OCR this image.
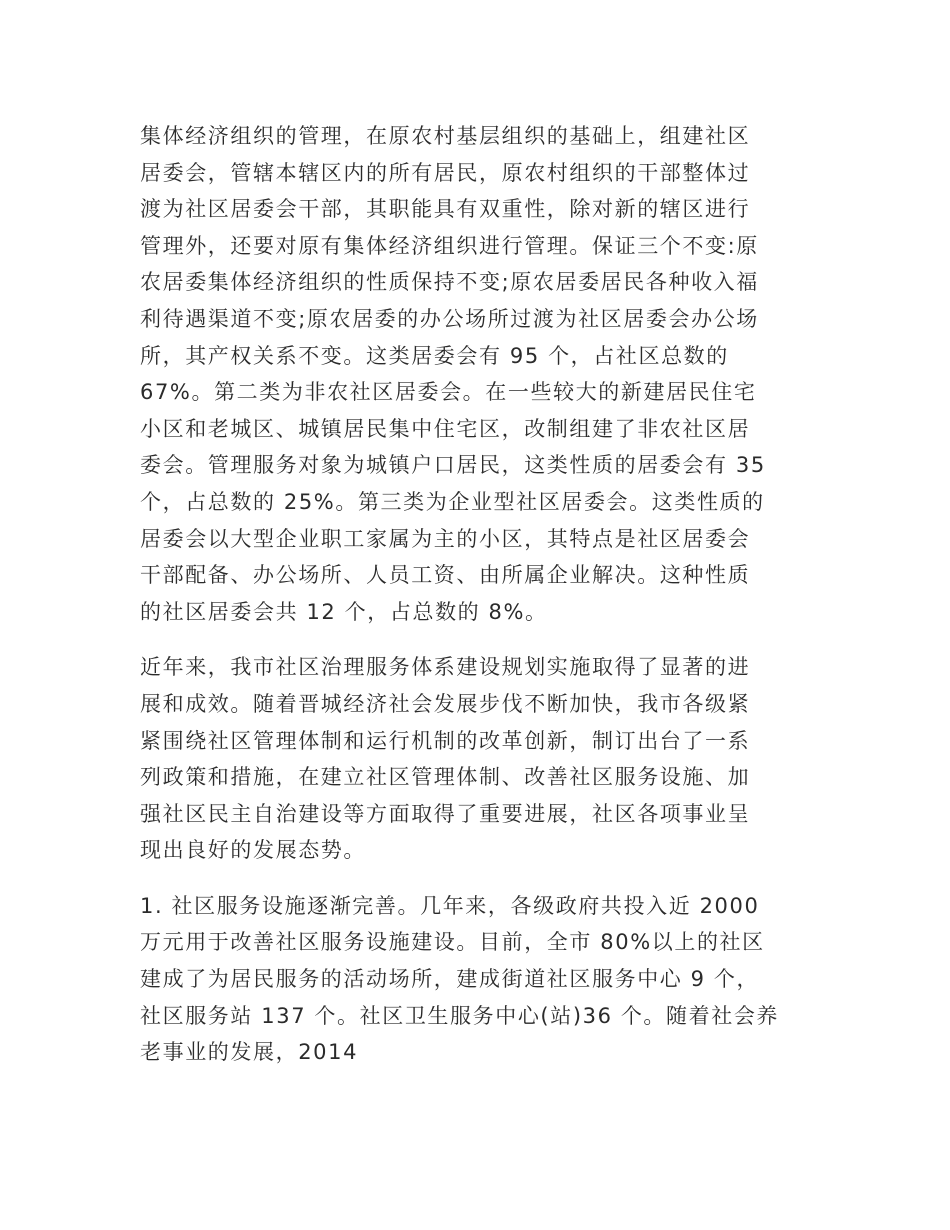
集体经济组织的管理，在原农村基层组织的基础上，组建社区
居委会，管辖本辖区内的所有居民，原农村组织的干部整体过
渡为社区居委会干部，其职能具有双重性，除对新的辖区进行
管理外，还要对原有集体经济组织进行管理。保证三个不变:原
农居委集体经济组织的性质保持不变;原农居委居民各种收入福
利待遇渠道不变;原农居委的办公场所过渡为社区居委会办公场
所，其产权关系不变。这类居委会有 95 个，占社区总数的
67%。第二类为非农社区居委会。在一些较大的新建居民住宅
小区和老城区、城镇居民集中住宅区，改制组建了非农社区居
委会。管理服务对象为城镇户口居民，这类性质的居委会有 35
个，占总数的 25%。第三类为企业型社区居委会。这类性质的
居委会以大型企业职工家属为主的小区，其特点是社区居委会
干部配备、办公场所、人员工资、由所属企业解决。这种性质
的社区居委会共 12 个，占总数的 8%。

近年来，我市社区治理服务体系建设规划实施取得了显著的进
展和成效。随着晋城经济社会发展步伐不断加快，我市各级紧
紧围绕社区管理体制和运行机制的改革创新，制订出台了一系
列政策和措施，在建立社区管理体制、改善社区服务设施、加
强社区民主自治建设等方面取得了重要进展，社区各项事业呈
现出良好的发展态势。

1. 社区服务设施逐渐完善。几年来，各级政府共投入近 2000
万元用于改善社区服务设施建设。目前，全市 80%以上的社区
建成了为居民服务的活动场所，建成街道社区服务中心 9 个，
社区服务站 137 个。社区卫生服务中心(站)36 个。随着社会养
老事业的发展，2014
